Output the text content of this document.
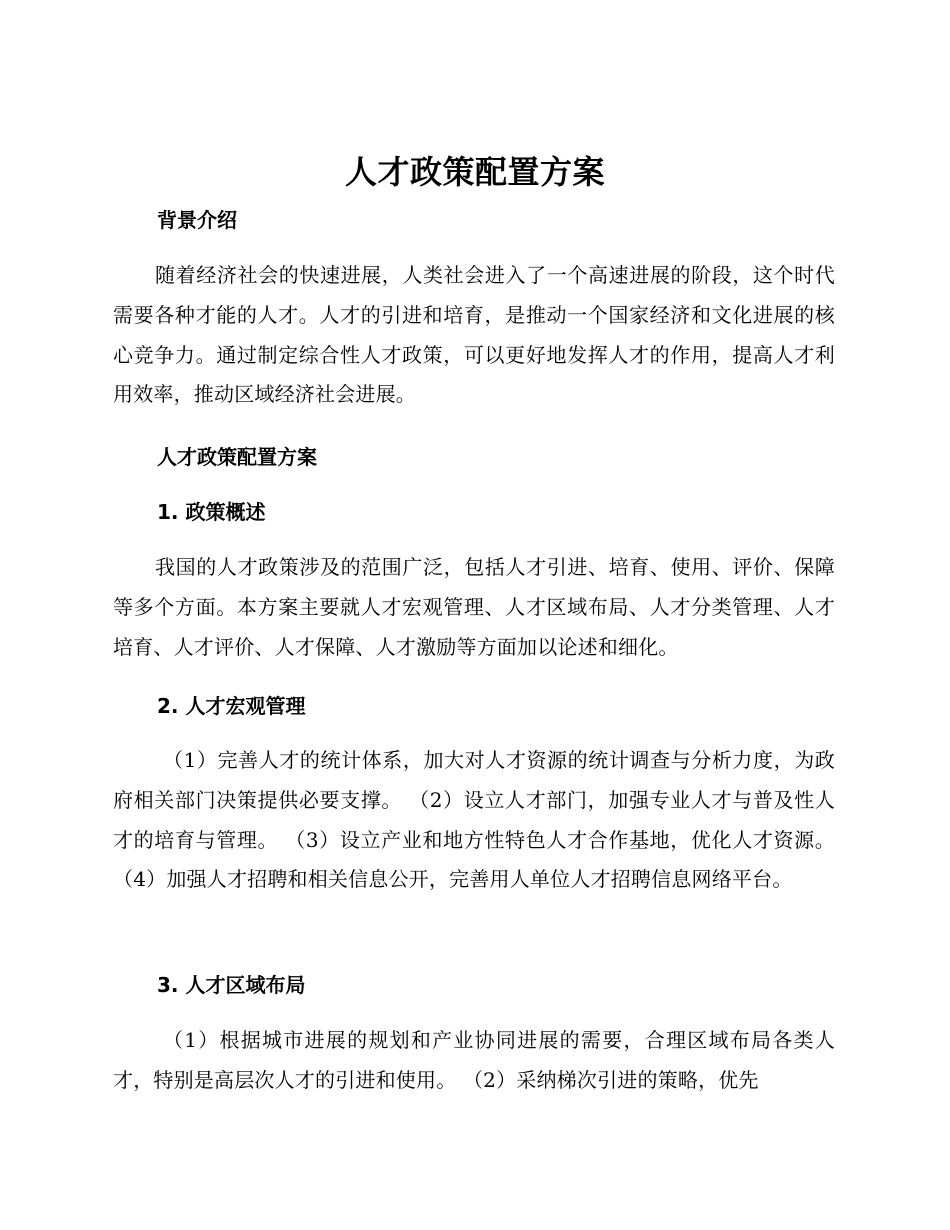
人才政策配置方案
背景介绍

随着经济社会的快速进展，人类社会进入了一个高速进展的阶段，这个时代需要各种才能的人才。人才的引进和培育，是推动一个国家经济和文化进展的核心竞争力。通过制定综合性人才政策，可以更好地发挥人才的作用，提高人才利用效率，推动区域经济社会进展。

人才政策配置方案
1. 政策概述

我国的人才政策涉及的范围广泛，包括人才引进、培育、使用、评价、保障等多个方面。本方案主要就人才宏观管理、人才区域布局、人才分类管理、人才培育、人才评价、人才保障、人才激励等方面加以论述和细化。

2. 人才宏观管理

（1）完善人才的统计体系，加大对人才资源的统计调查与分析力度，为政府相关部门决策提供必要支撑。 （2）设立人才部门，加强专业人才与普及性人才的培育与管理。 （3）设立产业和地方性特色人才合作基地，优化人才资源。 （4）加强人才招聘和相关信息公开，完善用人单位人才招聘信息网络平台。

3. 人才区域布局

（1）根据城市进展的规划和产业协同进展的需要，合理区域布局各类人才，特别是高层次人才的引进和使用。 （2）采纳梯次引进的策略，优先
